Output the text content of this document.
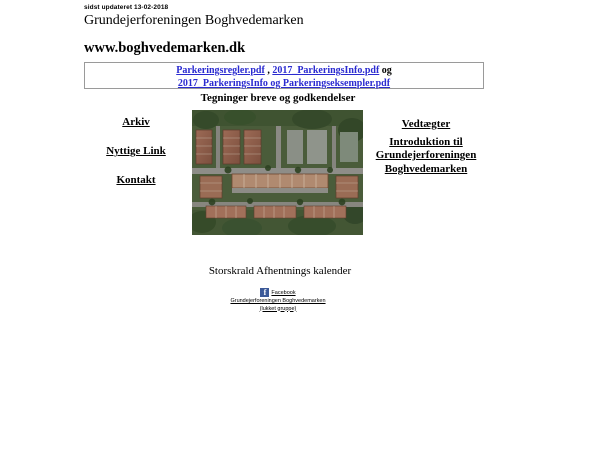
sidst updateret 13-02-2018
Grundejerforeningen Boghvedemarken
www.boghvedemarken.dk
Parkeringsregler.pdf , 2017_ParkeringsInfo.pdf og
2017_ParkeringsInfo og Parkeringseksempler.pdf
Tegninger breve og godkendelser
Arkiv
Nyttige Link
Kontakt
Vedtægter
Introduktion til
Grundejerforeningen
Boghvedemarken
Storskrald Afhentnings kalender
f Facebook
Grundejerforeningen Boghvedemarken
(lukket gruppe)
